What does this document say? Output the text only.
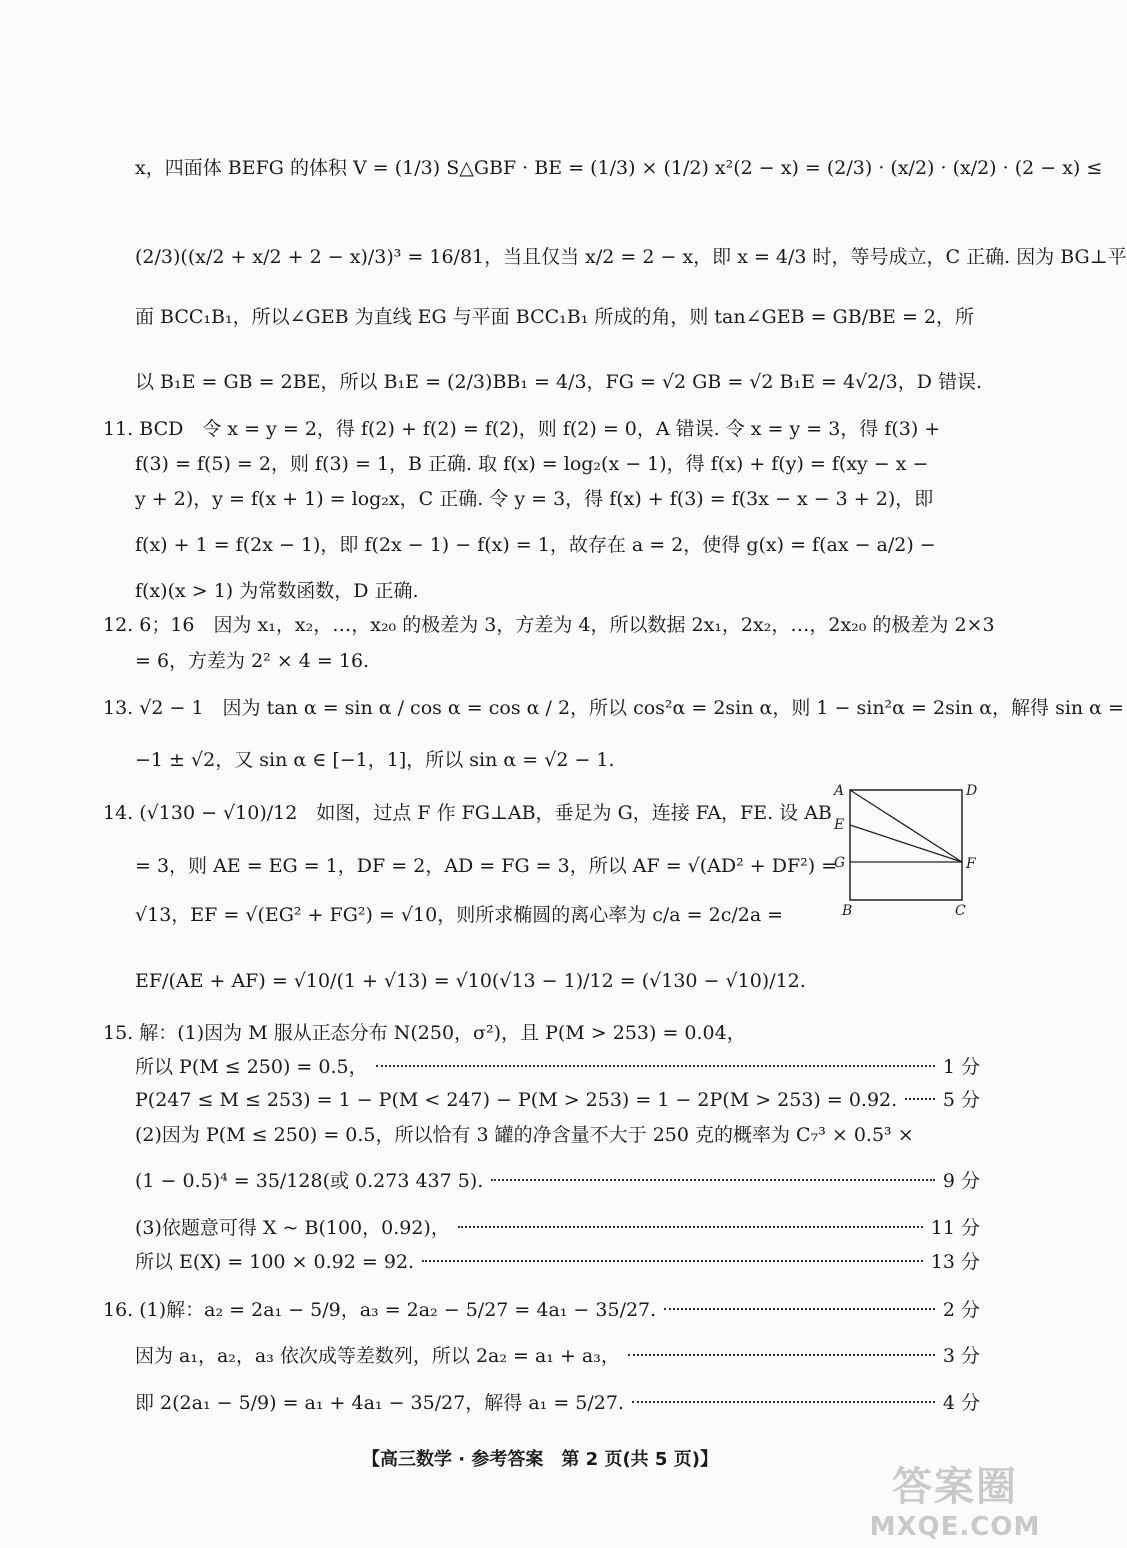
x，四面体 BEFG 的体积 V = (1/3) S△GBF · BE = (1/3) × (1/2) x²(2 − x) = (2/3) · (x/2) · (x/2) · (2 − x) ≤
(2/3)((x/2 + x/2 + 2 − x)/3)³ = 16/81，当且仅当 x/2 = 2 − x，即 x = 4/3 时，等号成立，C 正确. 因为 BG⊥平
面 BCC₁B₁，所以∠GEB 为直线 EG 与平面 BCC₁B₁ 所成的角，则 tan∠GEB = GB/BE = 2，所
以 B₁E = GB = 2BE，所以 B₁E = (2/3)BB₁ = 4/3，FG = √2 GB = √2 B₁E = 4√2/3，D 错误.
11. BCD　令 x = y = 2，得 f(2) + f(2) = f(2)，则 f(2) = 0，A 错误. 令 x = y = 3，得 f(3) +
f(3) = f(5) = 2，则 f(3) = 1，B 正确. 取 f(x) = log₂(x − 1)，得 f(x) + f(y) = f(xy − x −
y + 2)，y = f(x + 1) = log₂x，C 正确. 令 y = 3，得 f(x) + f(3) = f(3x − x − 3 + 2)，即
f(x) + 1 = f(2x − 1)，即 f(2x − 1) − f(x) = 1，故存在 a = 2，使得 g(x) = f(ax − a/2) −
f(x)(x > 1) 为常数函数，D 正确.
12. 6；16　因为 x₁，x₂，…，x₂₀ 的极差为 3，方差为 4，所以数据 2x₁，2x₂，…，2x₂₀ 的极差为 2×3
= 6，方差为 2² × 4 = 16.
13. √2 − 1　因为 tan α = sin α / cos α = cos α / 2，所以 cos²α = 2sin α，则 1 − sin²α = 2sin α，解得 sin α =
−1 ± √2，又 sin α ∈ [−1，1]，所以 sin α = √2 − 1.
14. (√130 − √10)/12　如图，过点 F 作 FG⊥AB，垂足为 G，连接 FA，FE. 设 AB
= 3，则 AE = EG = 1，DF = 2，AD = FG = 3，所以 AF = √(AD² + DF²) =
√13，EF = √(EG² + FG²) = √10，则所求椭圆的离心率为 c/a = 2c/2a =
EF/(AE + AF) = √10/(1 + √13) = √10(√13 − 1)/12 = (√130 − √10)/12.
A	D
E
G	F
B	C
15. 解：(1)因为 M 服从正态分布 N(250，σ²)，且 P(M > 253) = 0.04，
所以 P(M ≤ 250) = 0.5，	1 分
P(247 ≤ M ≤ 253) = 1 − P(M < 247) − P(M > 253) = 1 − 2P(M > 253) = 0.92. 5 分
(2)因为 P(M ≤ 250) = 0.5，所以恰有 3 罐的净含量不大于 250 克的概率为 C₇³ × 0.5³ ×
(1 − 0.5)⁴ = 35/128(或 0.273 437 5).	9 分
(3)依题意可得 X ~ B(100，0.92)，	11 分
所以 E(X) = 100 × 0.92 = 92.	13 分
16. (1)解：a₂ = 2a₁ − 5/9，a₃ = 2a₂ − 5/27 = 4a₁ − 35/27.	2 分
因为 a₁，a₂，a₃ 依次成等差数列，所以 2a₂ = a₁ + a₃，	3 分
即 2(2a₁ − 5/9) = a₁ + 4a₁ − 35/27，解得 a₁ = 5/27.	4 分
【高三数学 · 参考答案　第 2 页(共 5 页)】
答案圈
MXQE.COM
